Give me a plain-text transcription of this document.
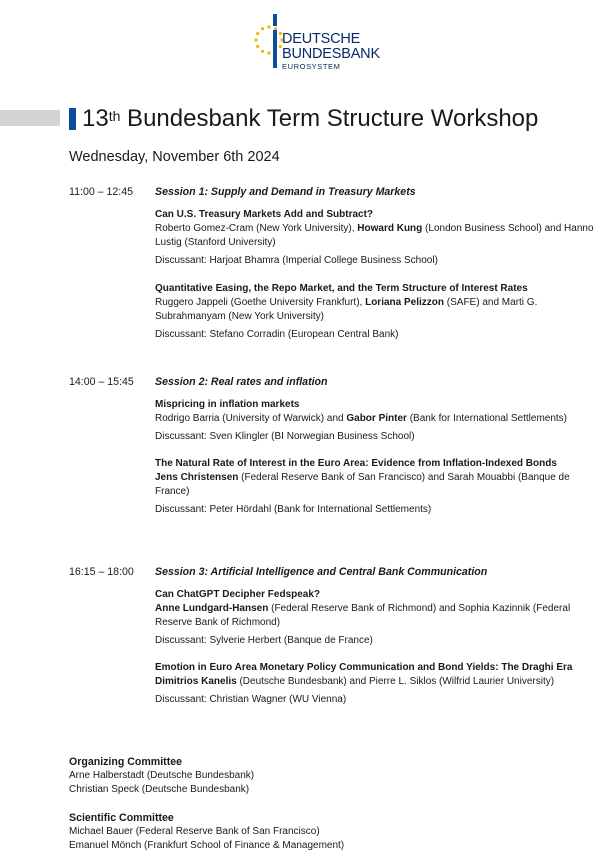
DEUTSCHE
BUNDESBANK
EUROSYSTEM
13th Bundesbank Term Structure Workshop
Wednesday, November 6th 2024
11:00 – 12:45 Session 1: Supply and Demand in Treasury Markets

Can U.S. Treasury Markets Add and Subtract?

Roberto Gomez-Cram (New York University), Howard Kung (London Business School) and Hanno Lustig (Stanford University)

Discussant: Harjoat Bhamra (Imperial College Business School)

Quantitative Easing, the Repo Market, and the Term Structure of Interest Rates

Ruggero Jappeli (Goethe University Frankfurt), Loriana Pelizzon (SAFE) and Marti G. Subrahmanyam (New York University)

Discussant: Stefano Corradin (European Central Bank)

14:00 – 15:45 Session 2: Real rates and inflation

Mispricing in inflation markets

Rodrigo Barria (University of Warwick) and Gabor Pinter (Bank for International Settlements)

Discussant: Sven Klingler (BI Norwegian Business School)

The Natural Rate of Interest in the Euro Area: Evidence from Inflation-Indexed Bonds

Jens Christensen (Federal Reserve Bank of San Francisco) and Sarah Mouabbi (Banque de France)

Discussant: Peter Hördahl (Bank for International Settlements)

16:15 – 18:00 Session 3: Artificial Intelligence and Central Bank Communication

Can ChatGPT Decipher Fedspeak?

Anne Lundgard-Hansen (Federal Reserve Bank of Richmond) and Sophia Kazinnik (Federal Reserve Bank of Richmond)

Discussant: Sylverie Herbert (Banque de France)

Emotion in Euro Area Monetary Policy Communication and Bond Yields: The Draghi Era

Dimitrios Kanelis (Deutsche Bundesbank) and Pierre L. Siklos (Wilfrid Laurier University)

Discussant: Christian Wagner (WU Vienna)

Organizing Committee
Arne Halberstadt (Deutsche Bundesbank)
Christian Speck (Deutsche Bundesbank)
Scientific Committee
Michael Bauer (Federal Reserve Bank of San Francisco)
Emanuel Mönch (Frankfurt School of Finance & Management)
